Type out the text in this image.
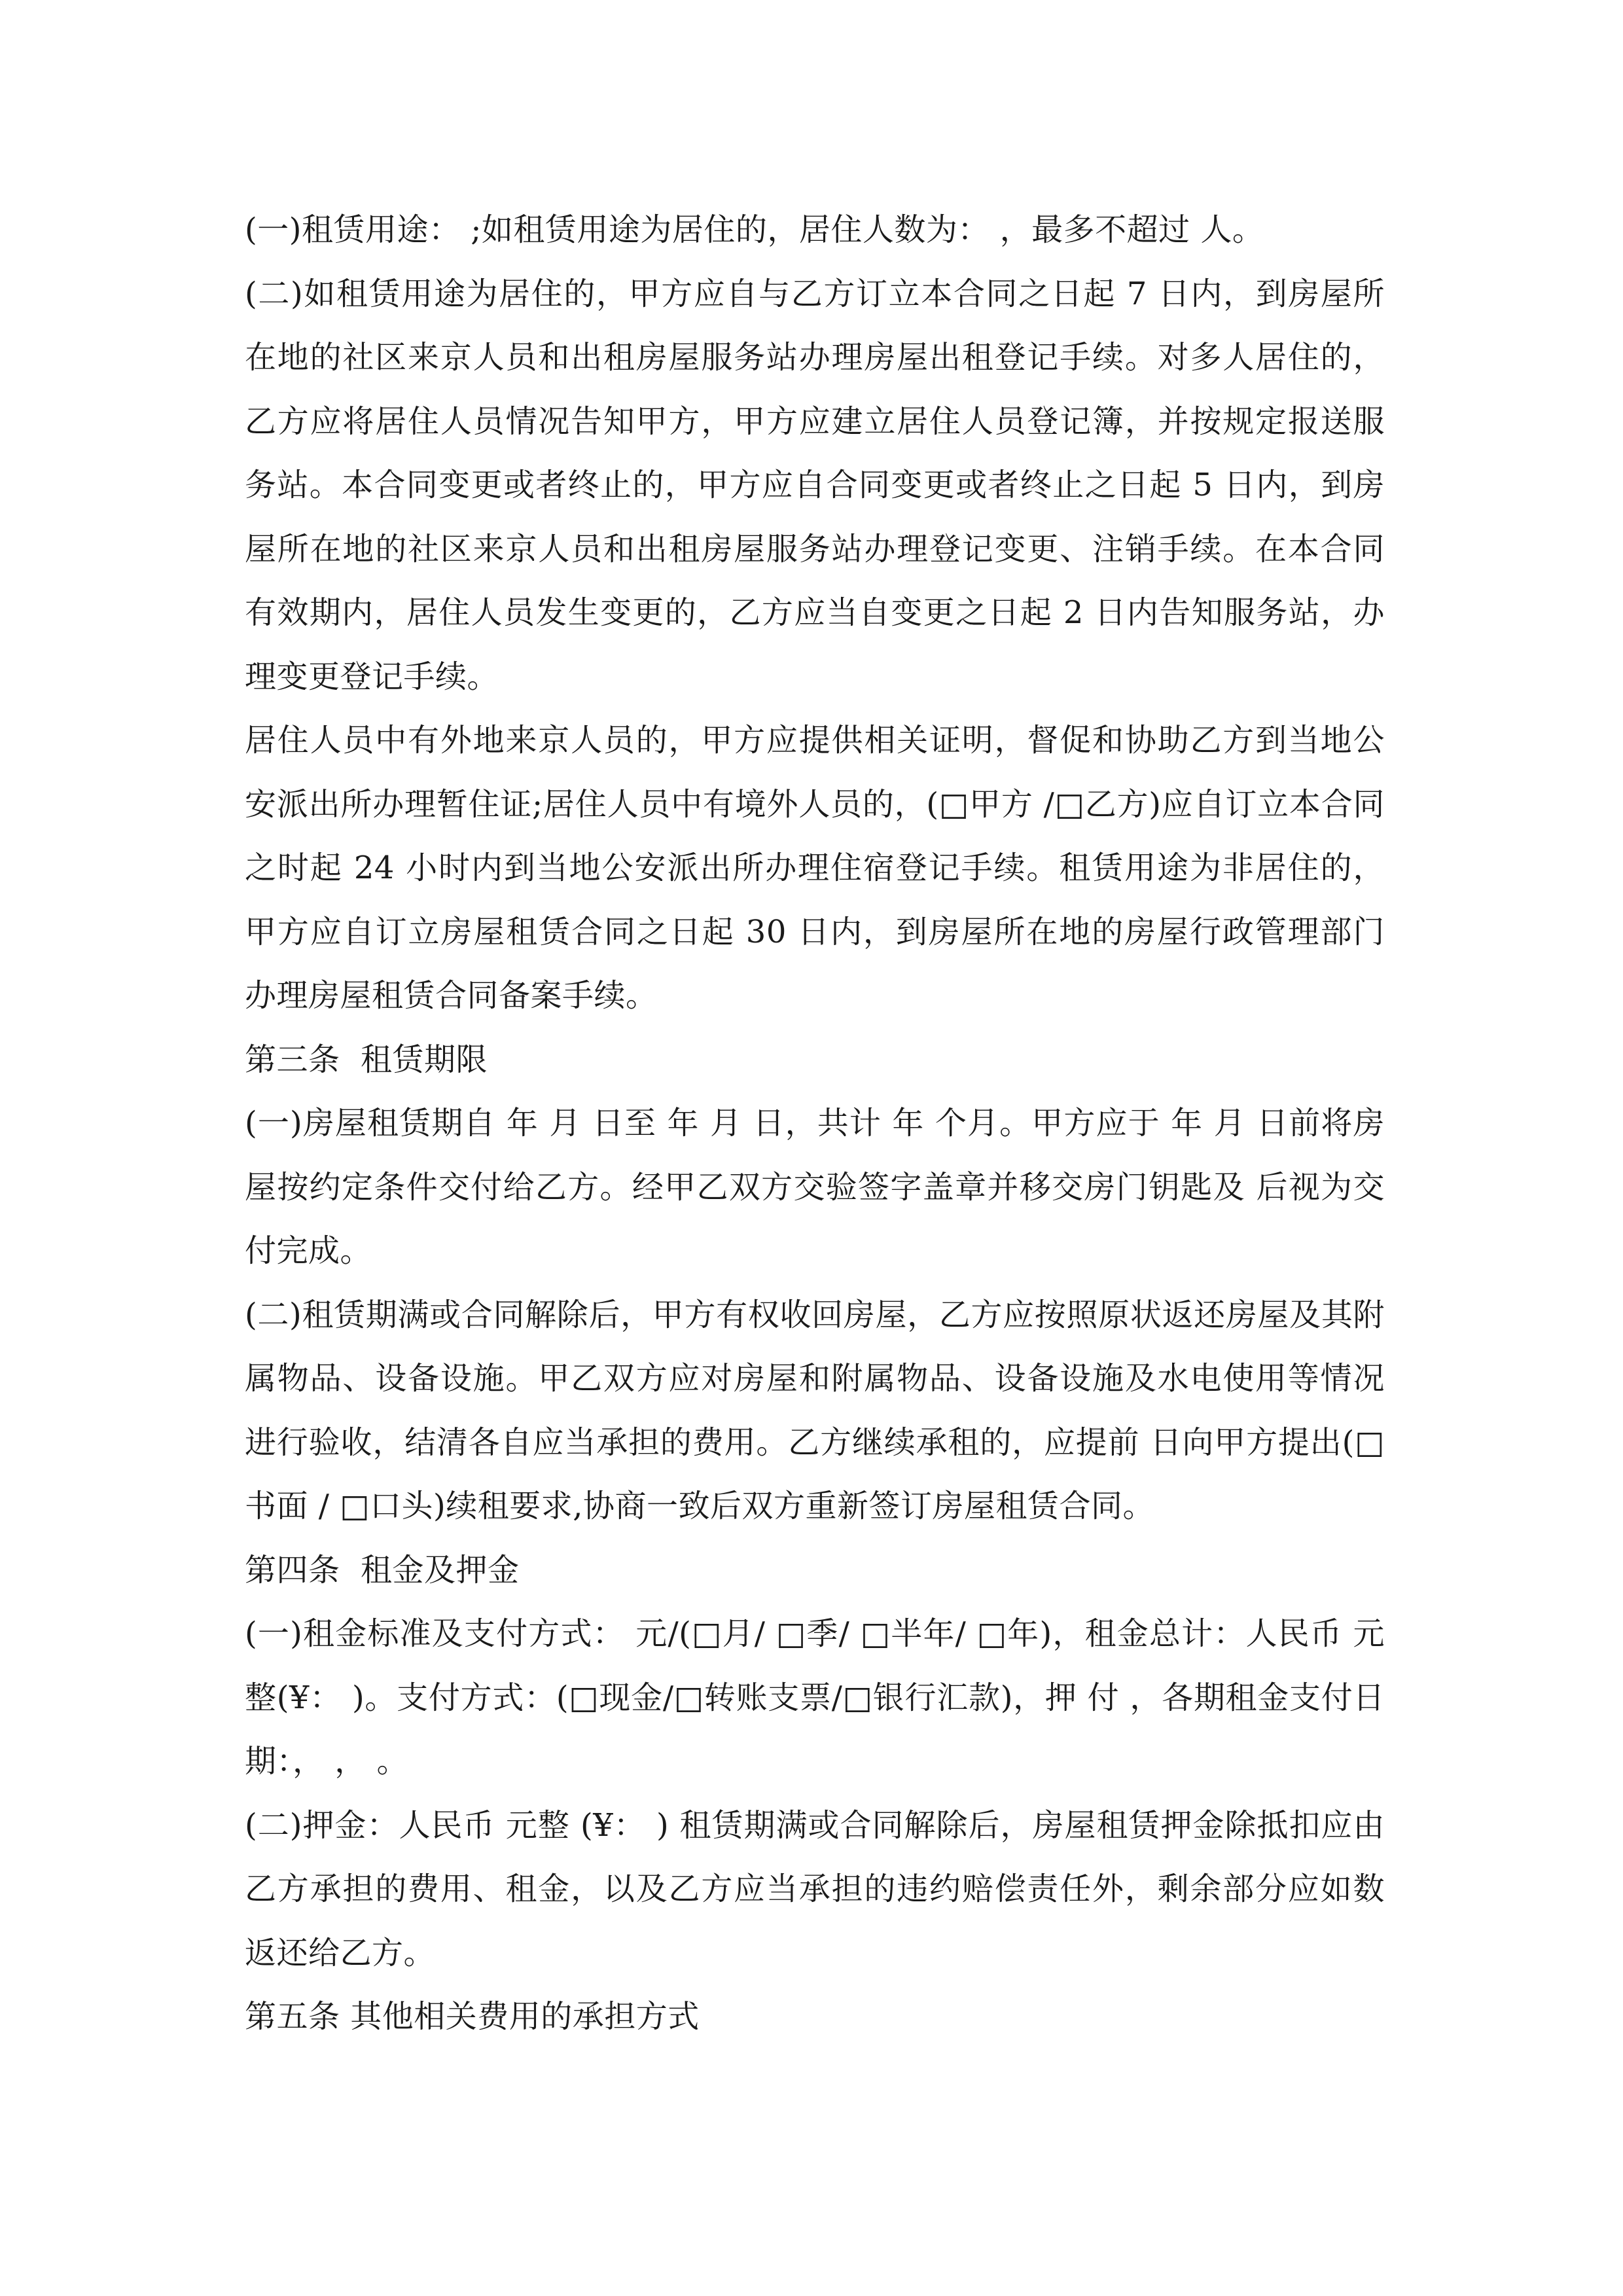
(一)租赁用途： ;如租赁用途为居住的，居住人数为： ，最多不超过 人。

(二)如租赁用途为居住的，甲方应自与乙方订立本合同之日起 7 日内，到房屋所在地的社区来京人员和出租房屋服务站办理房屋出租登记手续。对多人居住的，乙方应将居住人员情况告知甲方，甲方应建立居住人员登记簿，并按规定报送服务站。本合同变更或者终止的，甲方应自合同变更或者终止之日起 5 日内，到房屋所在地的社区来京人员和出租房屋服务站办理登记变更、注销手续。在本合同有效期内，居住人员发生变更的，乙方应当自变更之日起 2 日内告知服务站，办理变更登记手续。

居住人员中有外地来京人员的，甲方应提供相关证明，督促和协助乙方到当地公安派出所办理暂住证;居住人员中有境外人员的，(□甲方 /□乙方)应自订立本合同之时起 24 小时内到当地公安派出所办理住宿登记手续。租赁用途为非居住的，甲方应自订立房屋租赁合同之日起 30 日内，到房屋所在地的房屋行政管理部门办理房屋租赁合同备案手续。

第三条  租赁期限

(一)房屋租赁期自 年 月 日至 年 月 日，共计 年 个月。甲方应于 年 月 日前将房屋按约定条件交付给乙方。经甲乙双方交验签字盖章并移交房门钥匙及 后视为交付完成。

(二)租赁期满或合同解除后，甲方有权收回房屋，乙方应按照原状返还房屋及其附属物品、设备设施。甲乙双方应对房屋和附属物品、设备设施及水电使用等情况进行验收，结清各自应当承担的费用。乙方继续承租的，应提前 日向甲方提出(□书面 / □口头)续租要求,协商一致后双方重新签订房屋租赁合同。

第四条  租金及押金

(一)租金标准及支付方式： 元/(□月/ □季/ □半年/ □年)，租金总计：人民币 元整(¥： )。支付方式：(□现金/□转账支票/□银行汇款)，押 付 ，各期租金支付日期：， ， 。

(二)押金：人民币 元整 (¥： ) 租赁期满或合同解除后，房屋租赁押金除抵扣应由乙方承担的费用、租金，以及乙方应当承担的违约赔偿责任外，剩余部分应如数返还给乙方。

第五条 其他相关费用的承担方式
